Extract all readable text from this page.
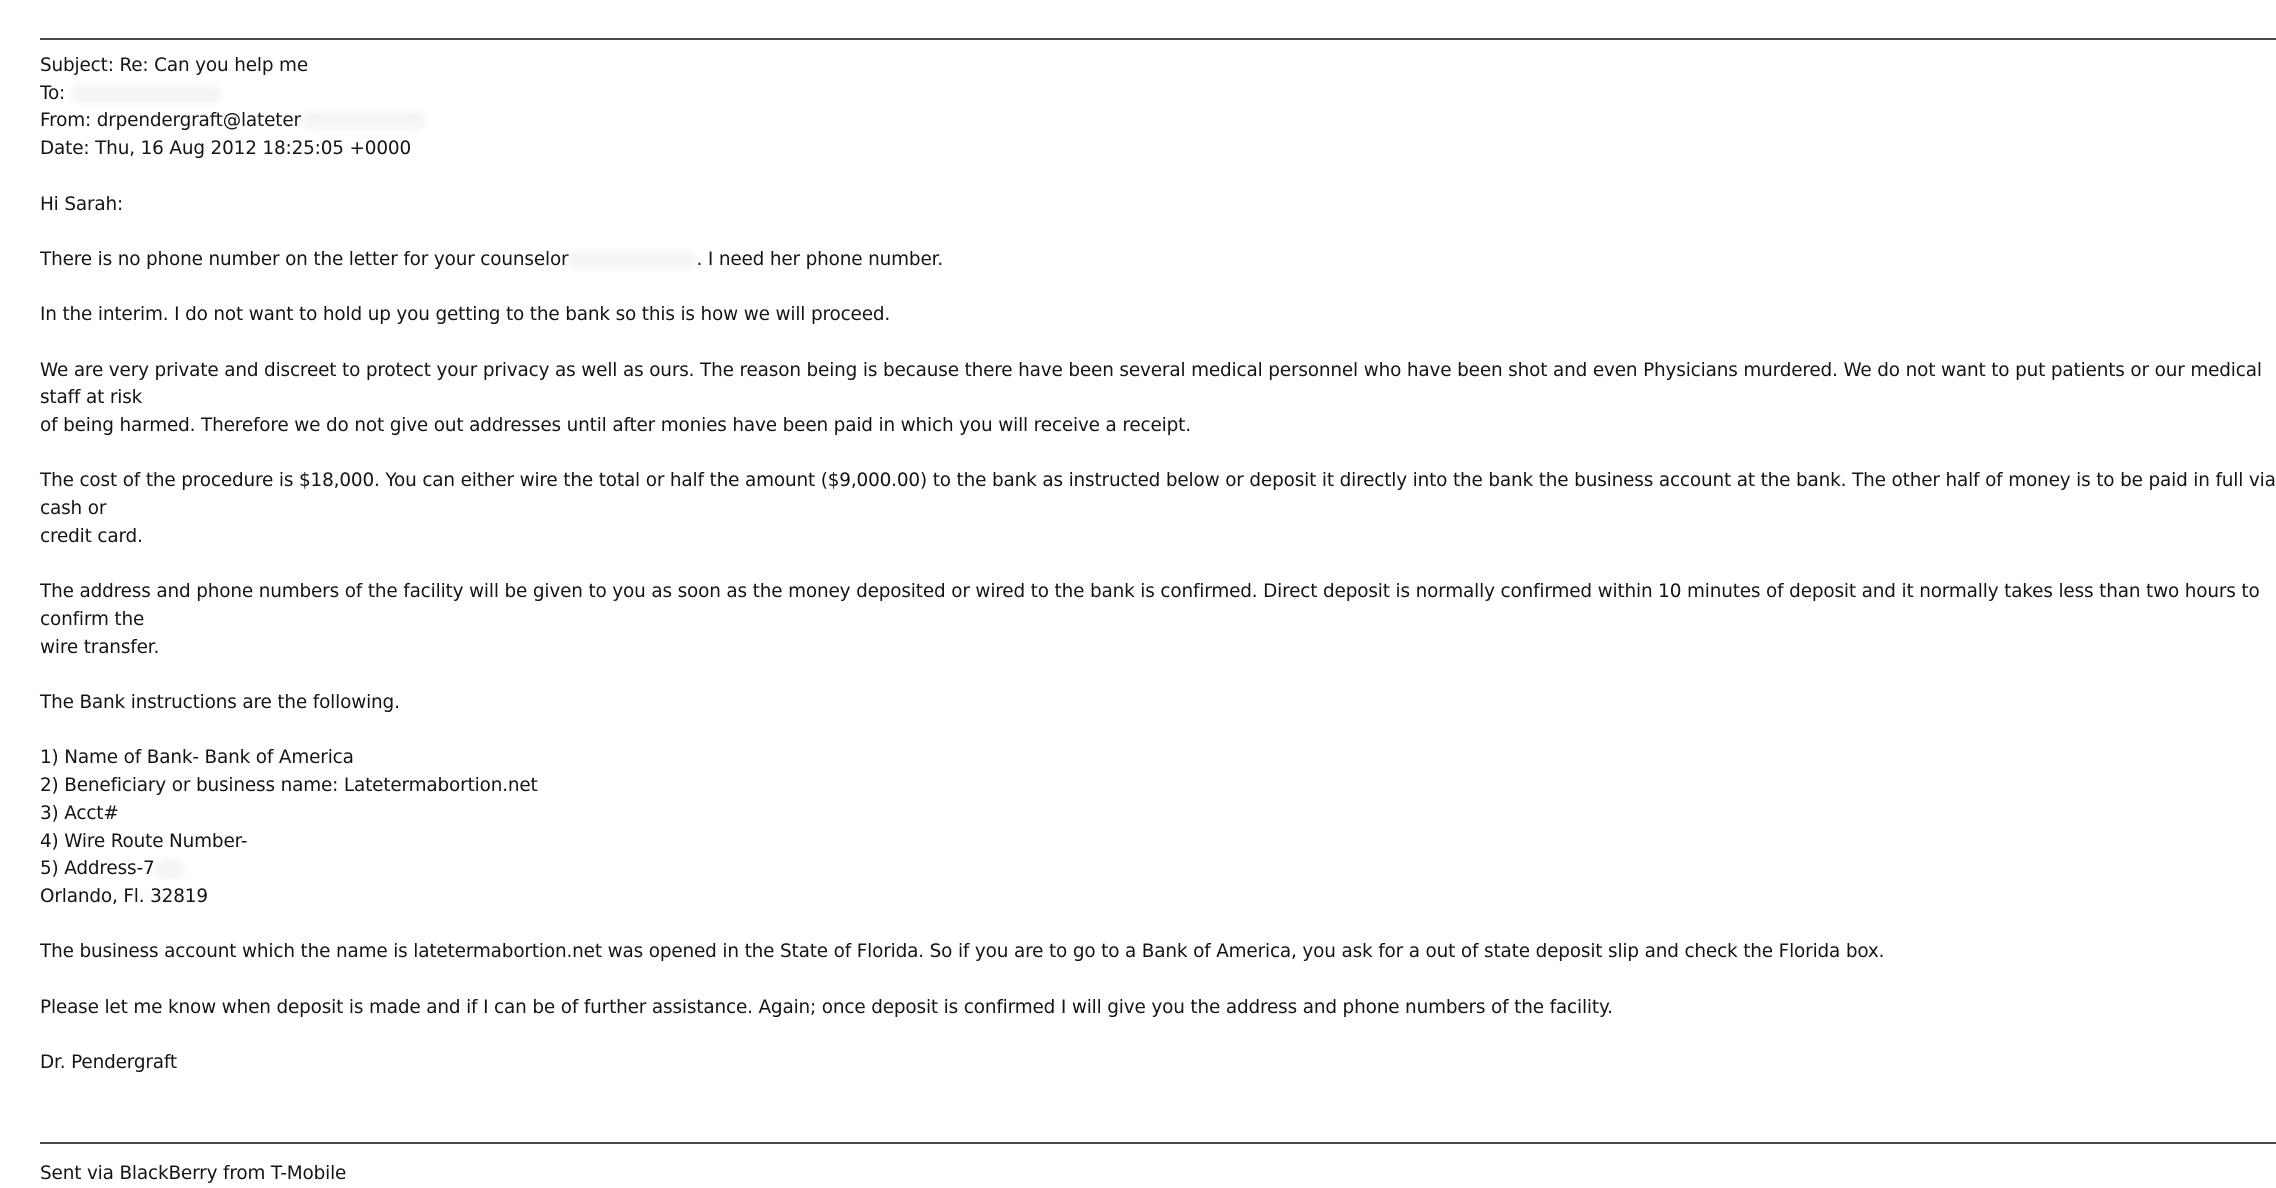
Subject: Re: Can you help me

To:

From: drpendergraft@lateter

Date: Thu, 16 Aug 2012 18:25:05 +0000

Hi Sarah:

There is no phone number on the letter for your counselor	. I need her phone number.

In the interim. I do not want to hold up you getting to the bank so this is how we will proceed.

We are very private and discreet to protect your privacy as well as ours. The reason being is because there have been several medical personnel who have been shot and even Physicians murdered. We do not want to put patients or our medical staff at risk
of being harmed. Therefore we do not give out addresses until after monies have been paid in which you will receive a receipt.

The cost of the procedure is $18,000. You can either wire the total or half the amount ($9,000.00) to the bank as instructed below or deposit it directly into the bank the business account at the bank. The other half of money is to be paid in full via cash or
credit card.

The address and phone numbers of the facility will be given to you as soon as the money deposited or wired to the bank is confirmed. Direct deposit is normally confirmed within 10 minutes of deposit and it normally takes less than two hours to confirm the
wire transfer.

The Bank instructions are the following.

1) Name of Bank- Bank of America

2) Beneficiary or business name: Latetermabortion.net

3) Acct#

4) Wire Route Number-

5) Address-7

Orlando, Fl. 32819

The business account which the name is latetermabortion.net was opened in the State of Florida. So if you are to go to a Bank of America, you ask for a out of state deposit slip and check the Florida box.

Please let me know when deposit is made and if I can be of further assistance. Again; once deposit is confirmed I will give you the address and phone numbers of the facility.

Dr. Pendergraft

Sent via BlackBerry from T-Mobile
